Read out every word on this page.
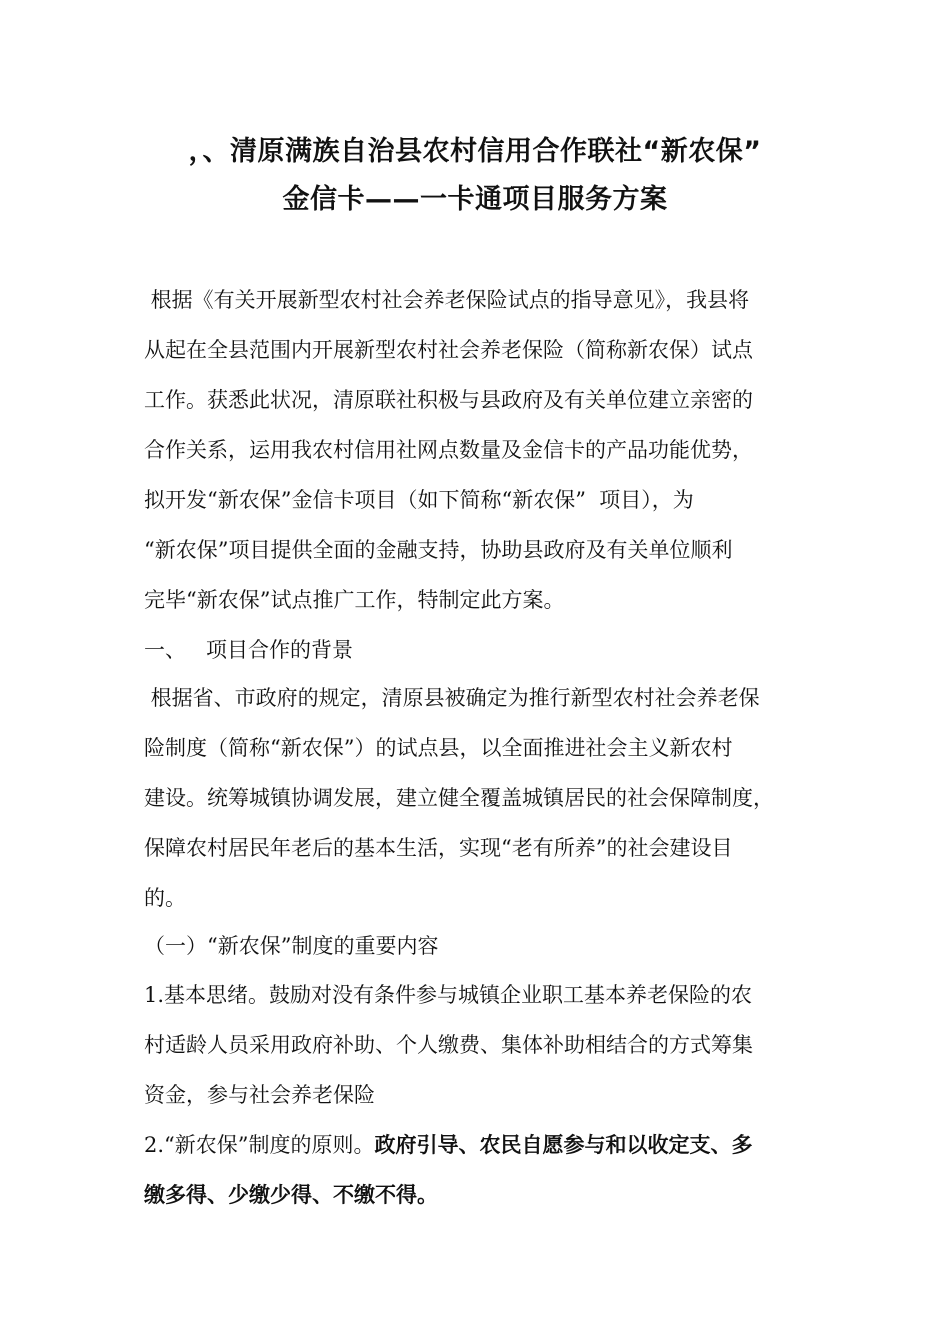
，、清原满族自治县农村信用合作联社“新农保”
金信卡——一卡通项目服务方案

根据《有关开展新型农村社会养老保险试点的指导意见》，我县将
从起在全县范围内开展新型农村社会养老保险（简称新农保）试点
工作。获悉此状况，清原联社积极与县政府及有关单位建立亲密的
合作关系，运用我农村信用社网点数量及金信卡的产品功能优势，
拟开发“新农保”金信卡项目（如下简称“新农保”  项目），为
“新农保”项目提供全面的金融支持，协助县政府及有关单位顺利
完毕“新农保”试点推广工作，特制定此方案。

一、   项目合作的背景

根据省、市政府的规定，清原县被确定为推行新型农村社会养老保
险制度（简称“新农保”）的试点县，以全面推进社会主义新农村
建设。统筹城镇协调发展，建立健全覆盖城镇居民的社会保障制度，
保障农村居民年老后的基本生活，实现“老有所养”的社会建设目
的。

（一）“新农保”制度的重要内容

1.基本思绪。鼓励对没有条件参与城镇企业职工基本养老保险的农
村适龄人员采用政府补助、个人缴费、集体补助相结合的方式筹集
资金，参与社会养老保险

2.“新农保”制度的原则。政府引导、农民自愿参与和以收定支、多
缴多得、少缴少得、不缴不得。
